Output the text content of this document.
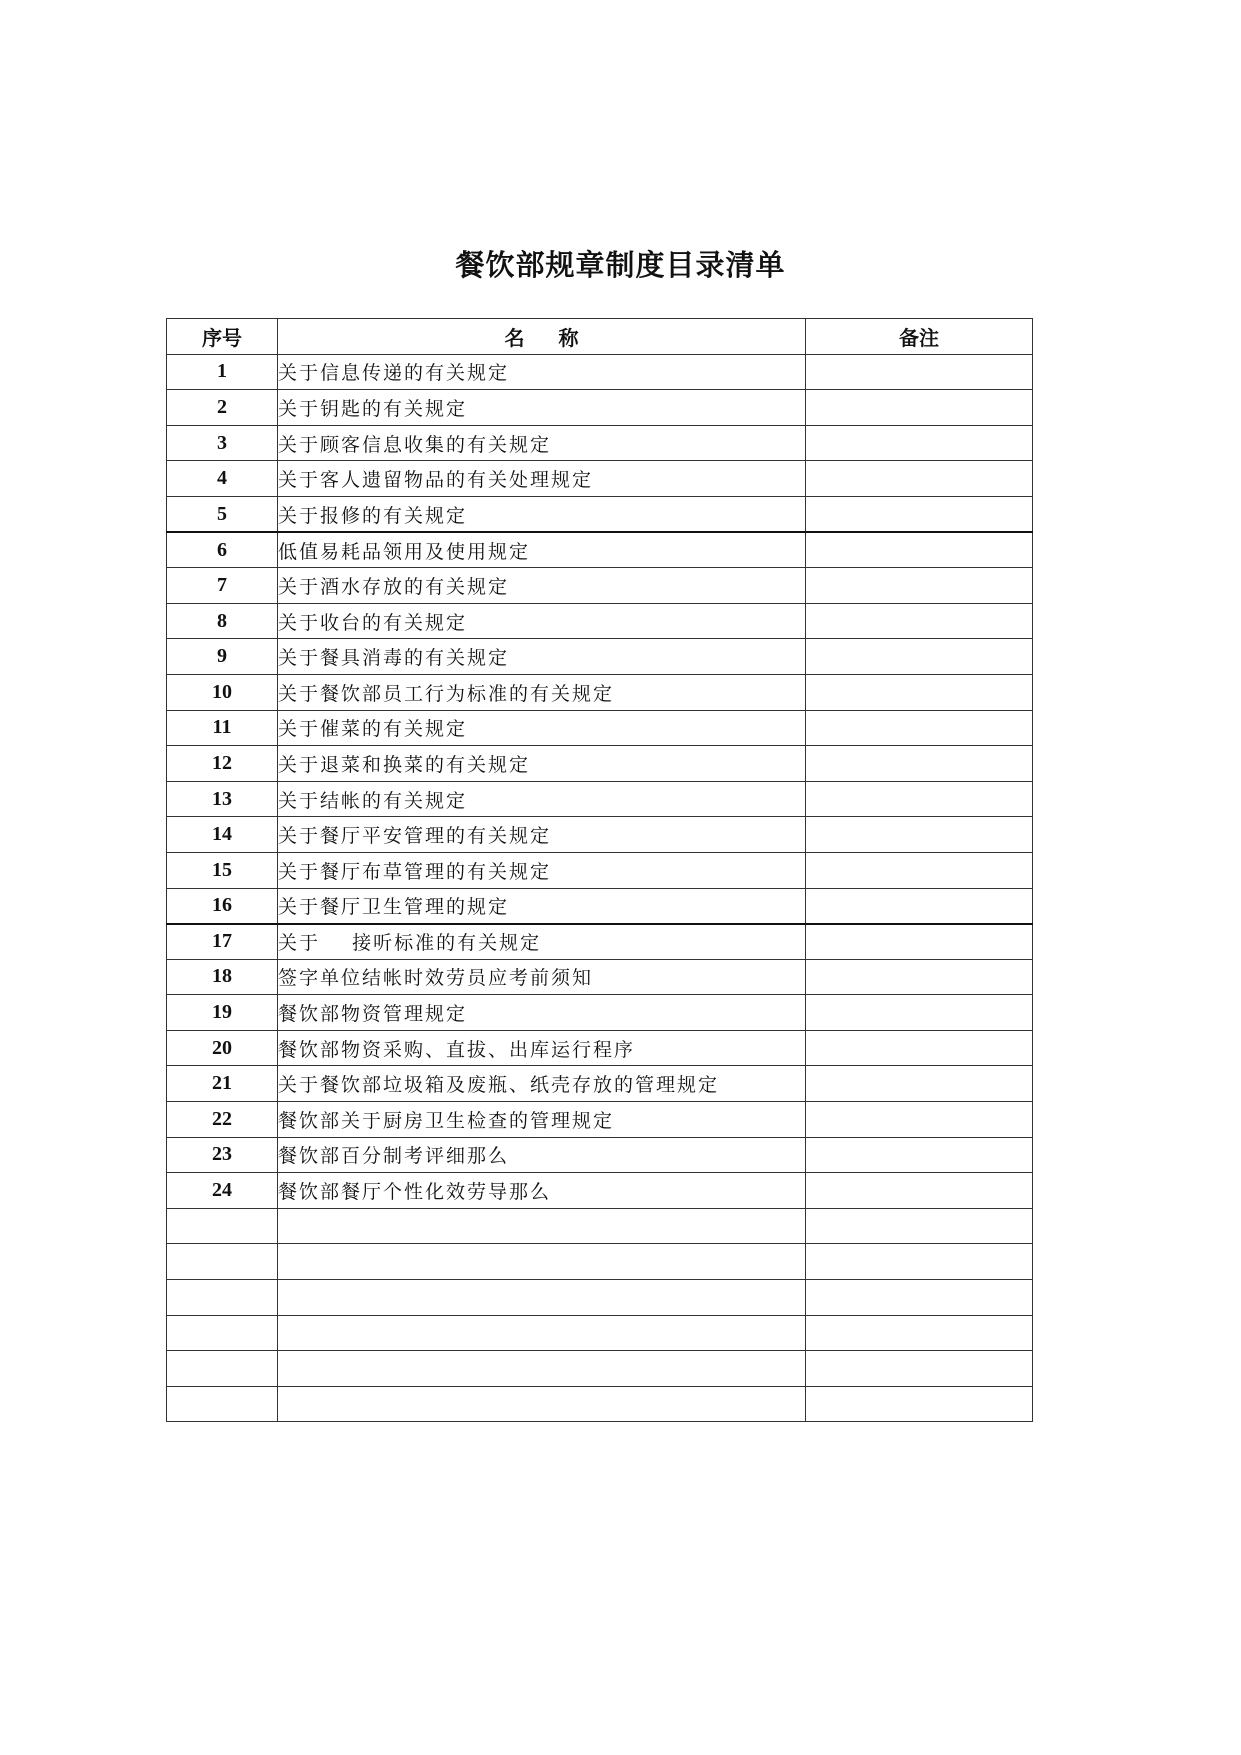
餐饮部规章制度目录清单
序号	名称	备注
1	关于信息传递的有关规定	
2	关于钥匙的有关规定	
3	关于顾客信息收集的有关规定	
4	关于客人遗留物品的有关处理规定	
5	关于报修的有关规定	
6	低值易耗品领用及使用规定	
7	关于酒水存放的有关规定	
8	关于收台的有关规定	
9	关于餐具消毒的有关规定	
10	关于餐饮部员工行为标准的有关规定	
11	关于催菜的有关规定	
12	关于退菜和换菜的有关规定	
13	关于结帐的有关规定	
14	关于餐厅平安管理的有关规定	
15	关于餐厅布草管理的有关规定	
16	关于餐厅卫生管理的规定	
17	关于    接听标准的有关规定	
18	签字单位结帐时效劳员应考前须知	
19	餐饮部物资管理规定	
20	餐饮部物资采购、直拔、出库运行程序	
21	关于餐饮部垃圾箱及废瓶、纸壳存放的管理规定	
22	餐饮部关于厨房卫生检查的管理规定	
23	餐饮部百分制考评细那么	
24	餐饮部餐厅个性化效劳导那么	
